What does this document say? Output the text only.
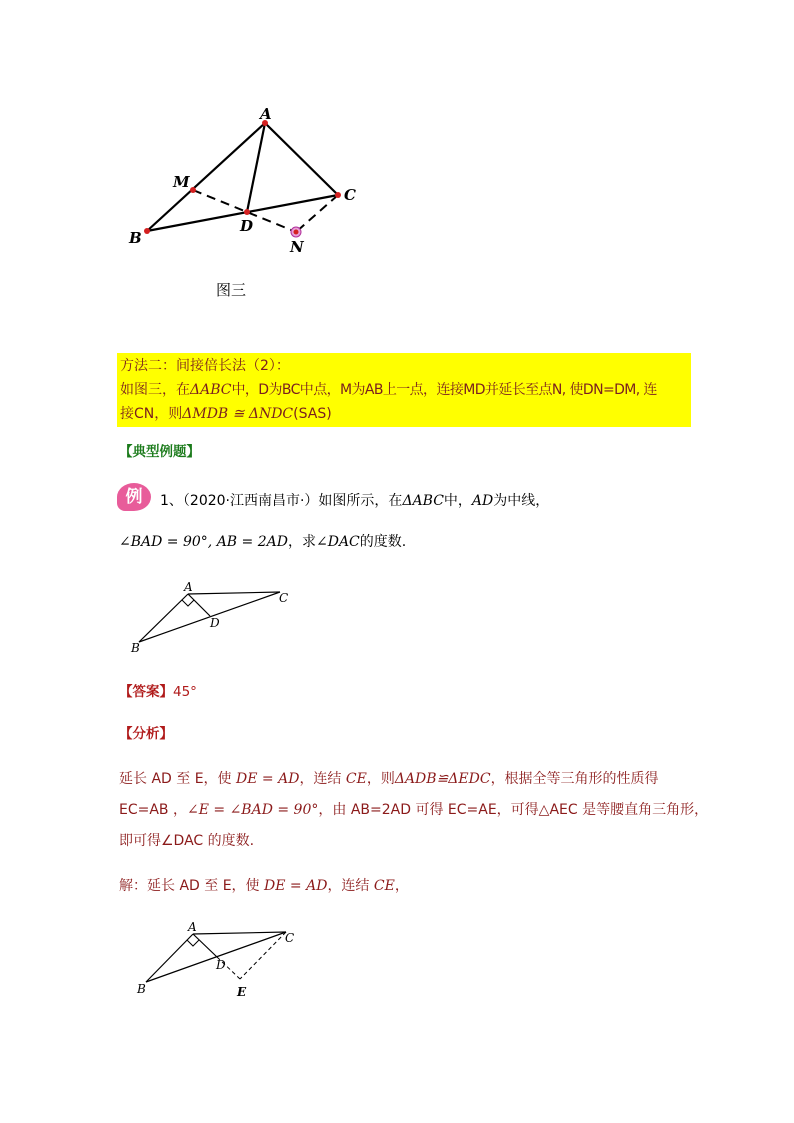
A
M
C
B
D
N
图三
方法二：间接倍长法（2）：
如图三，在ΔABC中，D为BC中点，M为AB上一点，连接MD并延长至点N, 使DN=DM, 连
接CN，则ΔMDB ≅ ΔNDC(SAS)
【典型例题】
例	1、（2020·江西南昌市·）如图所示，在ΔABC中，AD为中线，
∠BAD = 90°, AB = 2AD，求∠DAC的度数.
A
C
D
B
【答案】45°
【分析】
延长 AD 至 E，使 DE = AD，连结 CE，则ΔADB≌ΔEDC，根据全等三角形的性质得
EC=AB ，∠E = ∠BAD = 90°，由 AB=2AD 可得 EC=AE，可得△AEC 是等腰直角三角形，
即可得∠DAC 的度数.
解：延长 AD 至 E，使 DE = AD，连结 CE，
A
C
D
B	E
